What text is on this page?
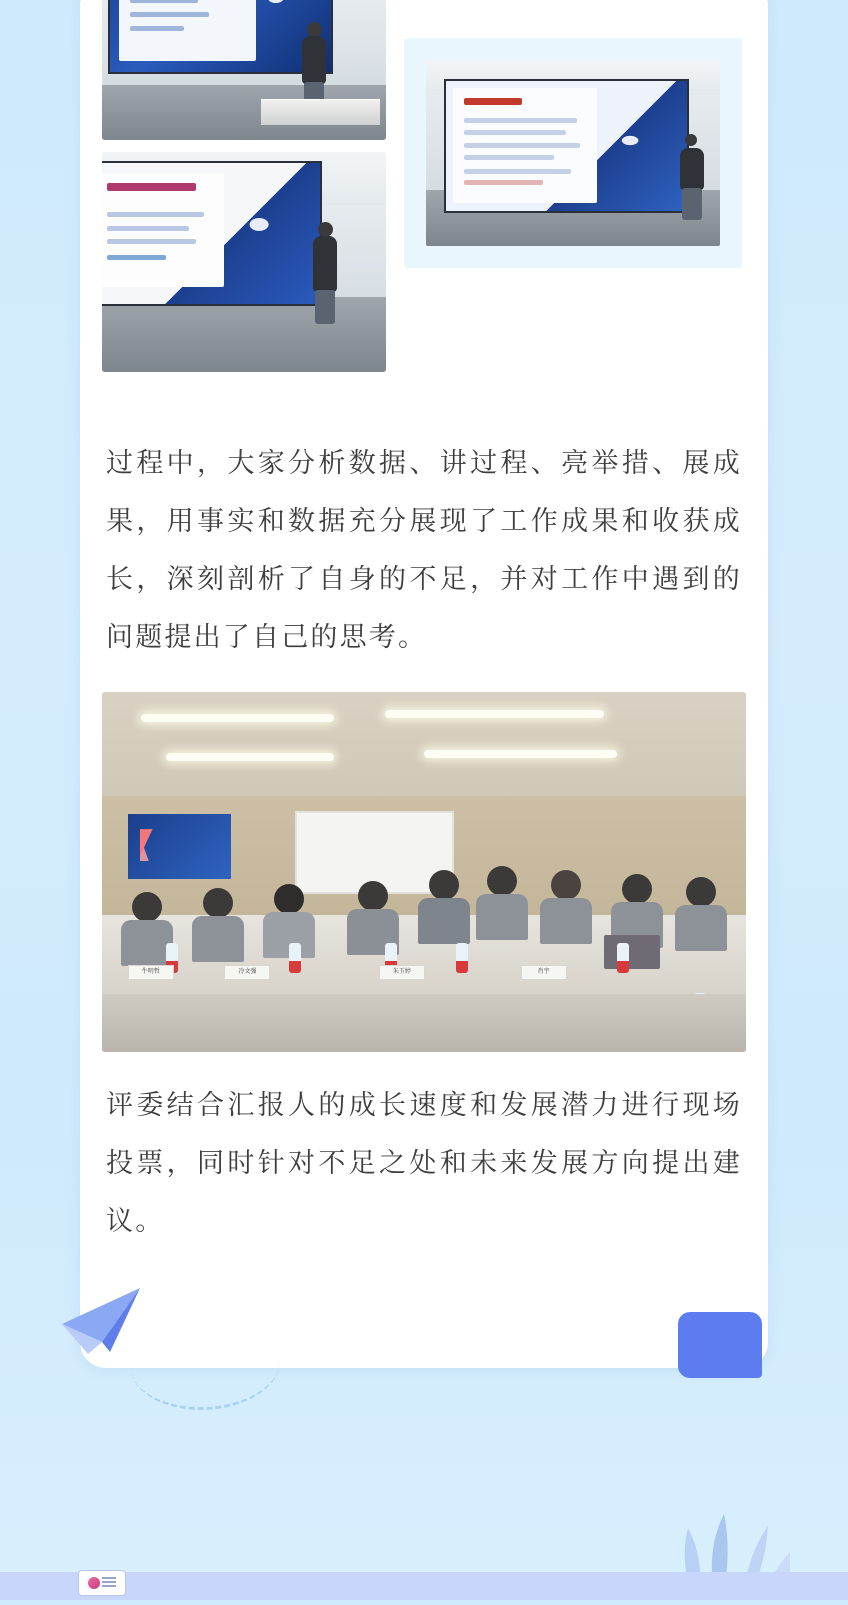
过程中，大家分析数据、讲过程、亮举措、展成果，用事实和数据充分展现了工作成果和收获成长，深刻剖析了自身的不足，并对工作中遇到的问题提出了自己的思考。

牛明哲	冷文强	朱玉婷	肖宇

评委结合汇报人的成长速度和发展潜力进行现场投票，同时针对不足之处和未来发展方向提出建议。
